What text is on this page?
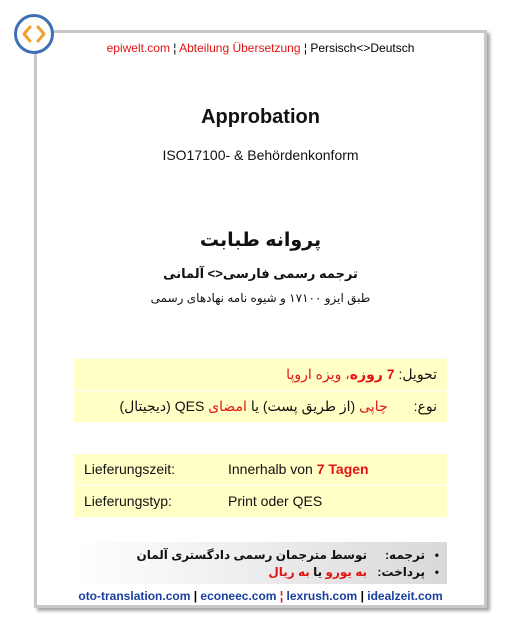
epiwelt.com ¦ Abteilung Übersetzung ¦ Persisch<>Deutsch
Approbation
ISO17100- & Behördenkonform
پروانه طبابت
ترجمه رسمی فارسی<> آلمانی
طبق ایزو ۱۷۱۰۰ و شیوه نامه نهادهای رسمی
تحویل:

7 روزه
، ویزه اروپا
نوع:
چاپی

(از طریق پست) یا

امضای

QES (دیجیتال)
Lieferungszeit:	Innerhalb von 7 Tagen
Lieferungstyp:	Print oder QES
•ترجمه:توسط مترجمان رسمی دادگستری آلمان
•پرداخت:به یورو یا به ریال
oto-translation.com | econeec.com ¦ lexrush.com | idealzeit.com
